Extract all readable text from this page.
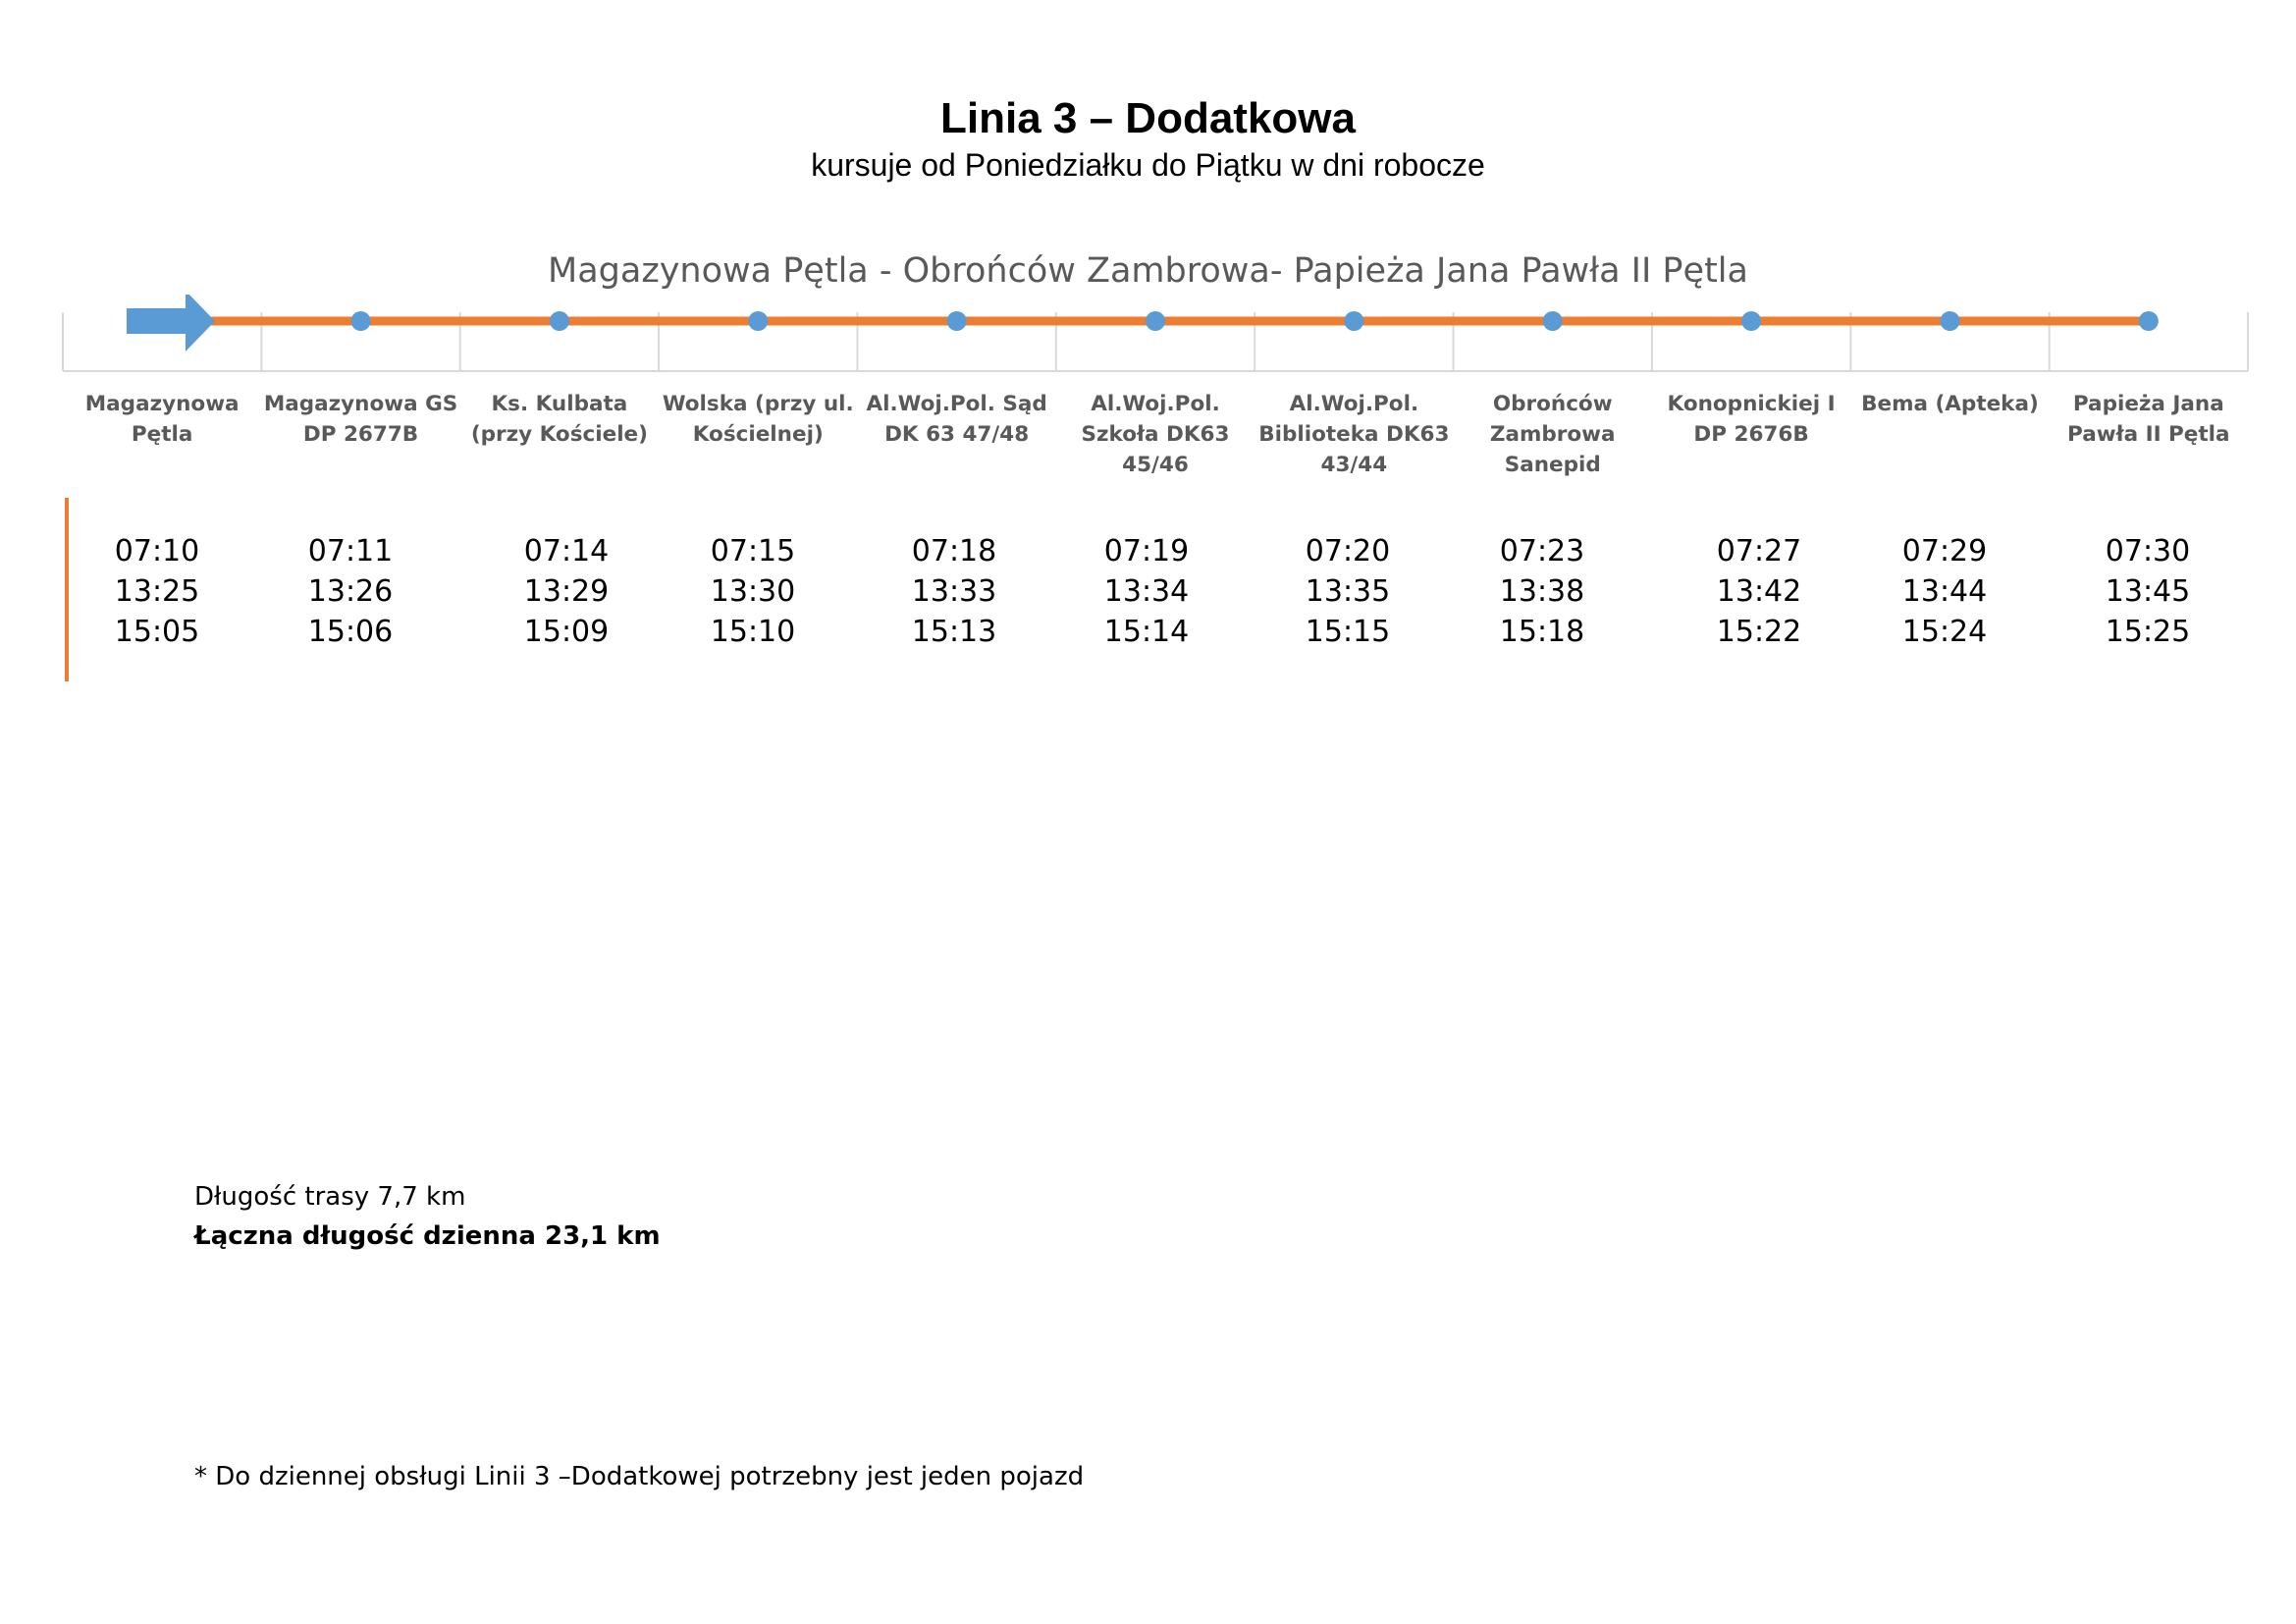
Linia 3 – Dodatkowa
kursuje od Poniedziałku do Piątku w dni robocze
Magazynowa Pętla - Obrońców Zambrowa- Papieża Jana Pawła II Pętla
Magazynowa Pętla
Magazynowa GS DP 2677B
Ks. Kulbata (przy Kościele)
Wolska (przy ul. Kościelnej)
Al.Woj.Pol. Sąd DK 63 47/48
Al.Woj.Pol. Szkoła DK63 45/46
Al.Woj.Pol. Biblioteka DK63 43/44
Obrońców Zambrowa Sanepid
Konopnickiej I DP 2676B
Bema (Apteka)	Papieża Jana Pawła II Pętla
07:10
13:25
15:05
07:11
13:26
15:06
07:14
13:29
15:09
07:15
13:30
15:10
07:18
13:33
15:13
07:19
13:34
15:14
07:20
13:35
15:15
07:23
13:38
15:18
07:27
13:42
15:22
07:29
13:44
15:24
07:30
13:45
15:25
Długość trasy 7,7 km
Łączna długość dzienna 23,1 km
* Do dziennej obsługi Linii 3 –Dodatkowej potrzebny jest jeden pojazd
